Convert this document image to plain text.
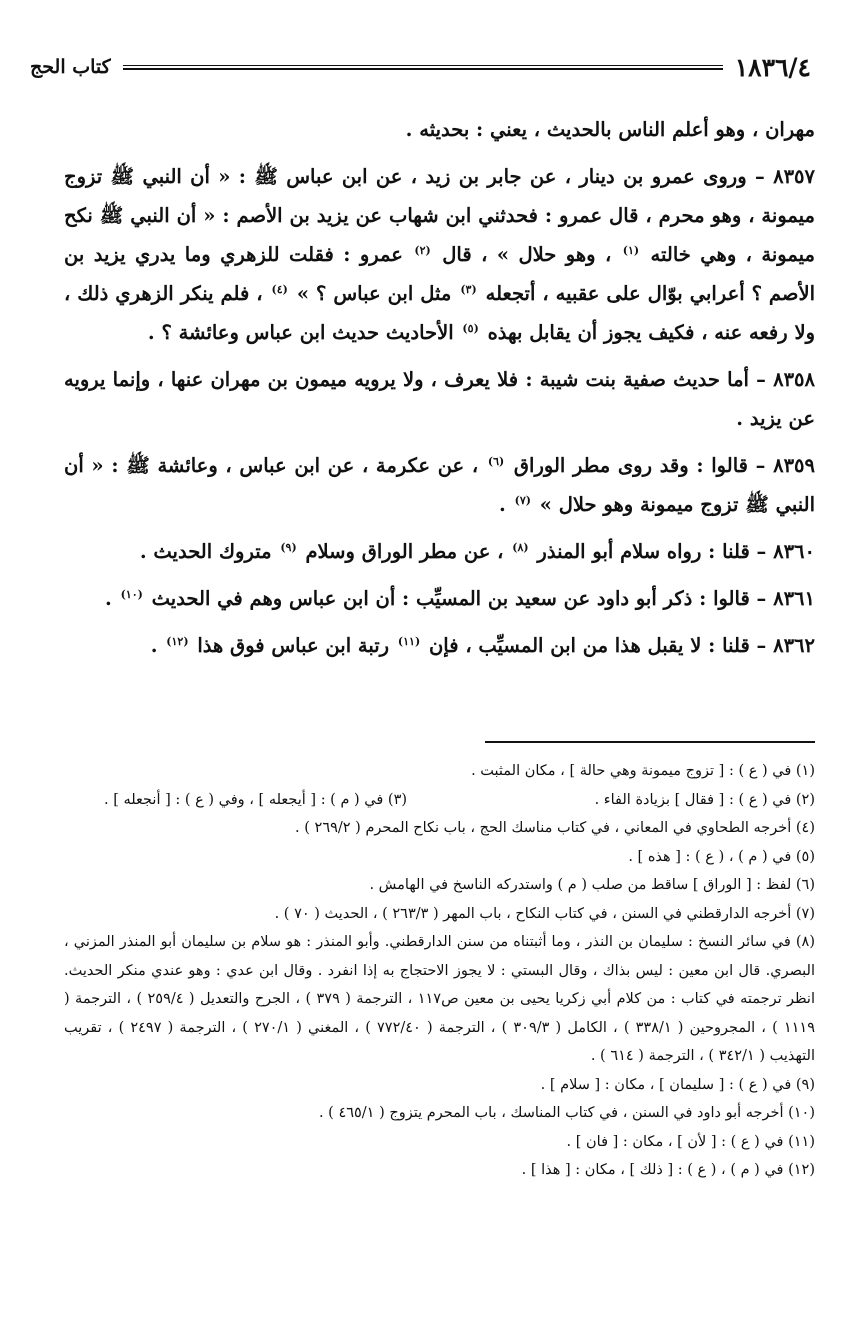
١٨٣٦/٤
كتاب الحج

مهران ، وهو أعلم الناس بالحديث ، يعني : بحديثه .

٨٣٥٧ – وروى عمرو بن دينار ، عن جابر بن زيد ، عن ابن عباس ﷺ : « أن النبي ﷺ تزوج ميمونة ، وهو محرم ، قال عمرو : فحدثني ابن شهاب عن يزيد بن الأصم : « أن النبي ﷺ نكح ميمونة ، وهي خالته $^{(١)}$ ، وهو حلال » ، قال $^{(٢)}$ عمرو : فقلت للزهري وما يدري يزيد بن الأصم ؟ أعرابي بوّال على عقبيه ، أتجعله $^{(٣)}$ مثل ابن عباس ؟ » $^{(٤)}$ ، فلم ينكر الزهري ذلك ، ولا رفعه عنه ، فكيف يجوز أن يقابل بهذه $^{(٥)}$ الأحاديث حديث ابن عباس وعائشة ؟ .

٨٣٥٨ – أما حديث صفية بنت شيبة : فلا يعرف ، ولا يرويه ميمون بن مهران عنها ، وإنما يرويه عن يزيد .

٨٣٥٩ – قالوا : وقد روى مطر الوراق $^{(٦)}$ ، عن عكرمة ، عن ابن عباس ، وعائشة ﷺ : « أن النبي ﷺ تزوج ميمونة وهو حلال » $^{(٧)}$ .

٨٣٦٠ – قلنا : رواه سلام أبو المنذر $^{(٨)}$ ، عن مطر الوراق وسلام $^{(٩)}$ متروك الحديث .

٨٣٦١ – قالوا : ذكر أبو داود عن سعيد بن المسيِّب : أن ابن عباس وهم في الحديث $^{(١٠)}$ .

٨٣٦٢ – قلنا : لا يقبل هذا من ابن المسيِّب ، فإن $^{(١١)}$ رتبة ابن عباس فوق هذا $^{(١٢)}$ .

(١) في ( ع ) : [ تزوج ميمونة وهي حالة ] ، مكان المثبت .

(٢) في ( ع ) : [ فقال ] بزيادة الفاء .
(٣) في ( م ) : [ أيجعله ] ، وفي ( ع ) : [ أنجعله ] .

(٤) أخرجه الطحاوي في المعاني ، في كتاب مناسك الحج ، باب نكاح المحرم ( ٢٦٩/٢ ) .

(٥) في ( م ) ، ( ع ) : [ هذه ] .

(٦) لفظ : [ الوراق ] ساقط من صلب ( م ) واستدركه الناسخ في الهامش .

(٧) أخرجه الدارقطني في السنن ، في كتاب النكاح ، باب المهر ( ٢٦٣/٣ ) ، الحديث ( ٧٠ ) .

(٨) في سائر النسخ : سليمان بن النذر ، وما أثبتناه من سنن الدارقطني. وأبو المنذر : هو سلام بن سليمان أبو المنذر المزني ، البصري. قال ابن معين : ليس بذاك ، وقال البستي : لا يجوز الاحتجاج به إذا انفرد . وقال ابن عدي : وهو عندي منكر الحديث. انظر ترجمته في كتاب : من كلام أبي زكريا يحيى بن معين ص١١٧ ، الترجمة ( ٣٧٩ ) ، الجرح والتعديل ( ٢٥٩/٤ ) ، الترجمة ( ١١١٩ ) ، المجروحين ( ٣٣٨/١ ) ، الكامل ( ٣٠٩/٣ ) ، الترجمة ( ٧٧٢/٤٠ ) ، المغني ( ٢٧٠/١ ) ، الترجمة ( ٢٤٩٧ ) ، تقريب التهذيب ( ٣٤٢/١ ) ، الترجمة ( ٦١٤ ) .

(٩) في ( ع ) : [ سليمان ] ، مكان : [ سلام ] .

(١٠) أخرجه أبو داود في السنن ، في كتاب المناسك ، باب المحرم يتزوج ( ٤٦٥/١ ) .

(١١) في ( ع ) : [ لأن ] ، مكان : [ فان ] .

(١٢) في ( م ) ، ( ع ) : [ ذلك ] ، مكان : [ هذا ] .
